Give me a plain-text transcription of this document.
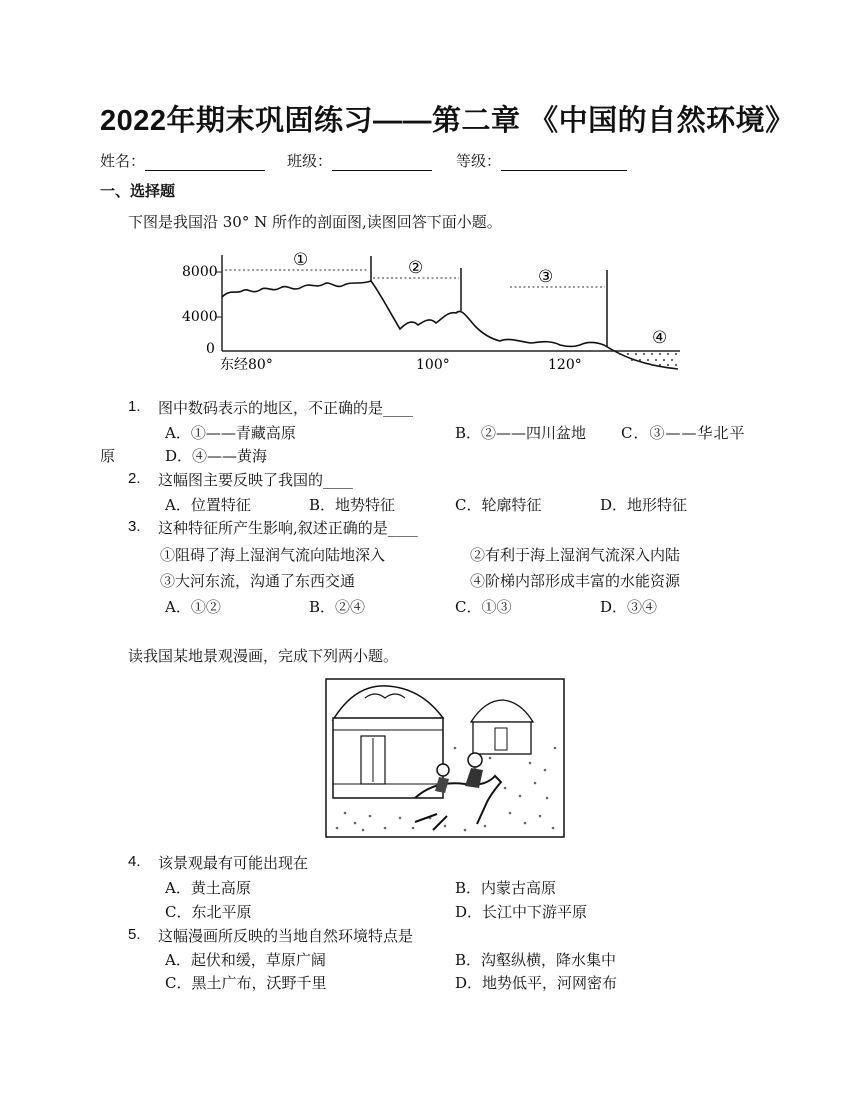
2022年期末巩固练习——第二章 《中国的自然环境》
姓名：	班级：	等级：
一、选择题
下图是我国沿 30° N 所作的剖面图,读图回答下面小题。
8000
4000
0
东经80°	100°	120°
①	②	③
④
1. 图中数码表示的地区，不正确的是____
A．①——青藏高原	B．②——四川盆地 C．③——华北平
原	D．④——黄海
2. 这幅图主要反映了我国的____
A．位置特征	B．地势特征	C．轮廓特征	D．地形特征
3. 这种特征所产生影响,叙述正确的是____
①阻碍了海上湿润气流向陆地深入	②有利于海上湿润气流深入内陆
③大河东流，沟通了东西交通	④阶梯内部形成丰富的水能资源
A．①②	B．②④	C．①③	D．③④
读我国某地景观漫画，完成下列两小题。
4. 该景观最有可能出现在
A．黄土高原	B．内蒙古高原
C．东北平原	D．长江中下游平原
5. 这幅漫画所反映的当地自然环境特点是
A．起伏和缓，草原广阔	B．沟壑纵横，降水集中
C．黑土广布，沃野千里	D．地势低平，河网密布
